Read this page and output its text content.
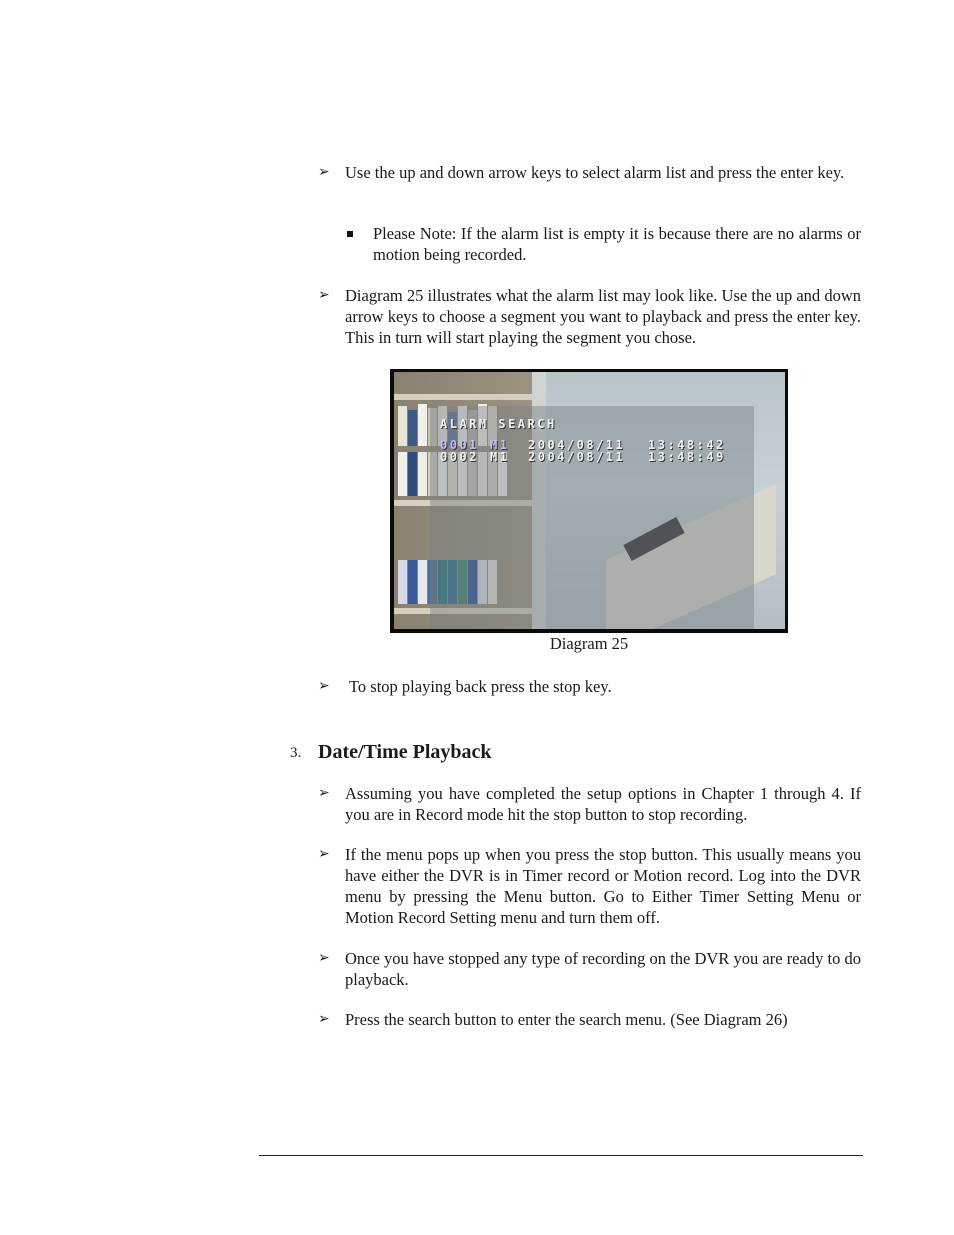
➢ Use the up and down arrow keys to select alarm list and press the enter key.

Please Note: If the alarm list is empty it is because there are no alarms or motion being recorded.

➢ Diagram 25 illustrates what the alarm list may look like. Use the up and down arrow keys to choose a segment you want to playback and press the enter key. This in turn will start playing the segment you chose.

ALARM SEARCH
0001 M1 2004/08/11 13:48:42
0002 M1 2004/08/11 13:48:49
Diagram 25
➢ To stop playing back press the stop key.

3. Date/Time Playback
➢ Assuming you have completed the setup options in Chapter 1 through 4. If you are in Record mode hit the stop button to stop recording.

➢ If the menu pops up when you press the stop button. This usually means you have either the DVR is in Timer record or Motion record. Log into the DVR menu by pressing the Menu button. Go to Either Timer Setting Menu or Motion Record Setting menu and turn them off.

➢ Once you have stopped any type of recording on the DVR you are ready to do playback.

➢ Press the search button to enter the search menu. (See Diagram 26)
